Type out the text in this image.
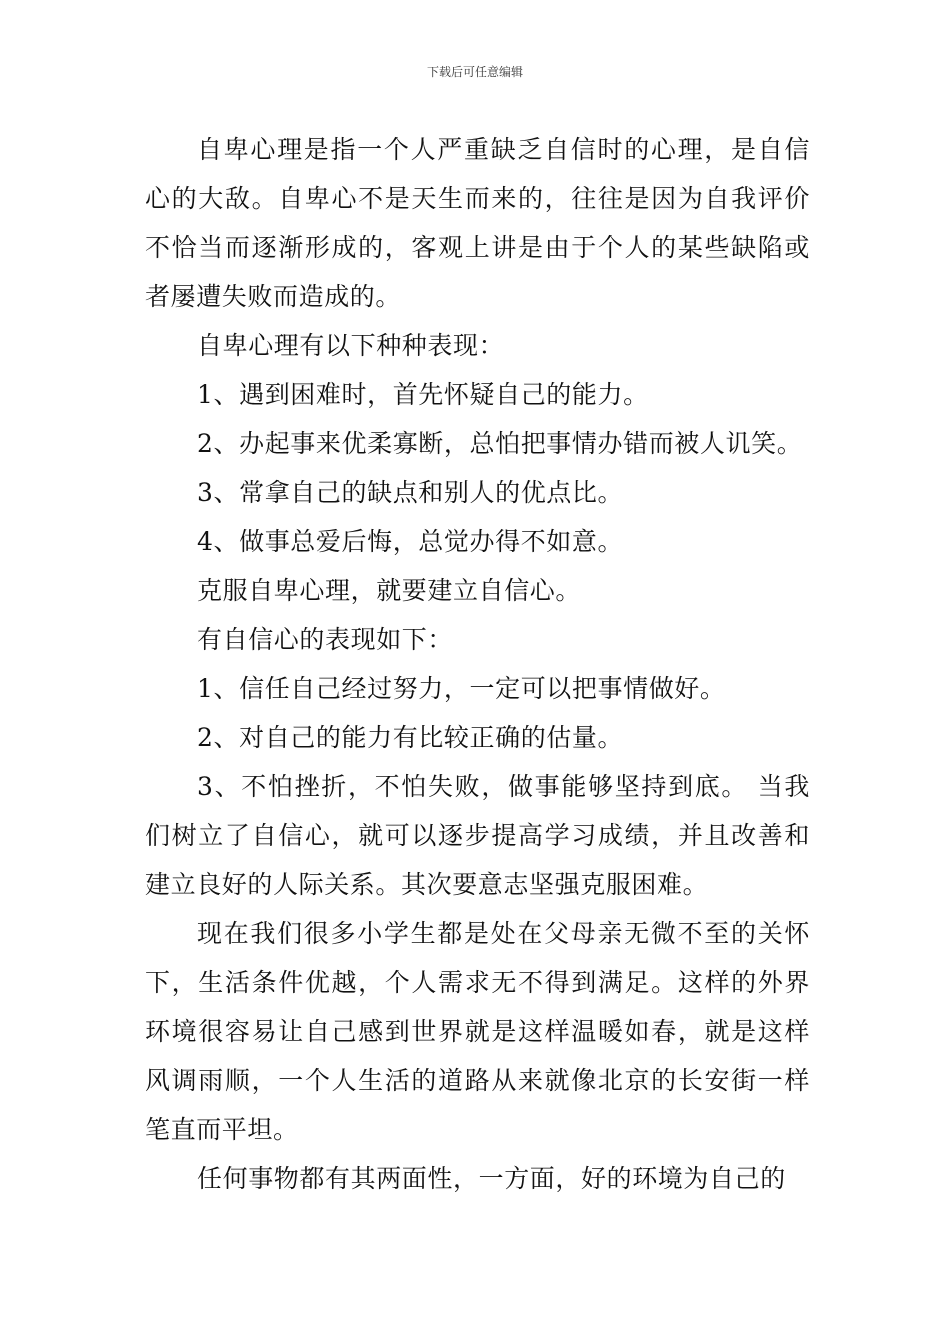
下载后可任意编辑

自卑心理是指一个人严重缺乏自信时的心理，是自信心的大敌。自卑心不是天生而来的，往往是因为自我评价不恰当而逐渐形成的，客观上讲是由于个人的某些缺陷或者屡遭失败而造成的。

自卑心理有以下种种表现：

1、遇到困难时，首先怀疑自己的能力。

2、办起事来优柔寡断，总怕把事情办错而被人讥笑。

3、常拿自己的缺点和别人的优点比。

4、做事总爱后悔，总觉办得不如意。

克服自卑心理，就要建立自信心。

有自信心的表现如下：

1、信任自己经过努力，一定可以把事情做好。

2、对自己的能力有比较正确的估量。

3、不怕挫折，不怕失败，做事能够坚持到底。 当我们树立了自信心，就可以逐步提高学习成绩，并且改善和建立良好的人际关系。其次要意志坚强克服困难。

现在我们很多小学生都是处在父母亲无微不至的关怀下，生活条件优越，个人需求无不得到满足。这样的外界环境很容易让自己感到世界就是这样温暖如春，就是这样风调雨顺，一个人生活的道路从来就像北京的长安街一样笔直而平坦。

任何事物都有其两面性，一方面，好的环境为自己的
